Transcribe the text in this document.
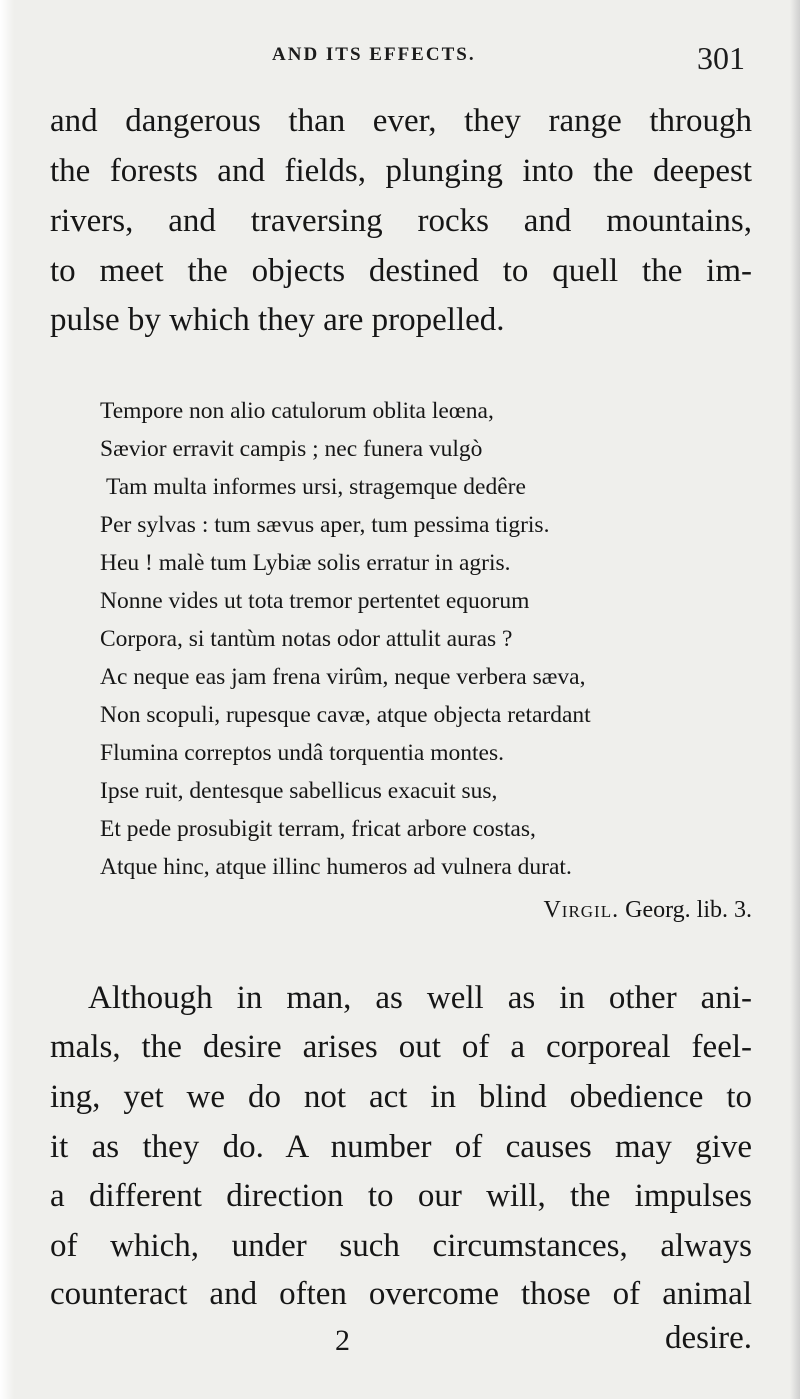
AND ITS EFFECTS.	301
and dangerous than ever, they range through
the forests and fields, plunging into the deepest
rivers, and traversing rocks and mountains,
to meet the objects destined to quell the im-
pulse by which they are propelled.
Tempore non alio catulorum oblita leœna,
Sævior erravit campis ; nec funera vulgò
Tam multa informes ursi, stragemque dedêre
Per sylvas : tum sævus aper, tum pessima tigris.
Heu ! malè tum Lybiæ solis erratur in agris.
Nonne vides ut tota tremor pertentet equorum
Corpora, si tantùm notas odor attulit auras ?
Ac neque eas jam frena virûm, neque verbera sæva,
Non scopuli, rupesque cavæ, atque objecta retardant
Flumina correptos undâ torquentia montes.
Ipse ruit, dentesque sabellicus exacuit sus,
Et pede prosubigit terram, fricat arbore costas,
Atque hinc, atque illinc humeros ad vulnera durat.
Virgil. Georg. lib. 3.
Although in man, as well as in other ani-
mals, the desire arises out of a corporeal feel-
ing, yet we do not act in blind obedience to
it as they do. A number of causes may give
a different direction to our will, the impulses
of which, under such circumstances, always
counteract and often overcome those of animal
2	desire.
